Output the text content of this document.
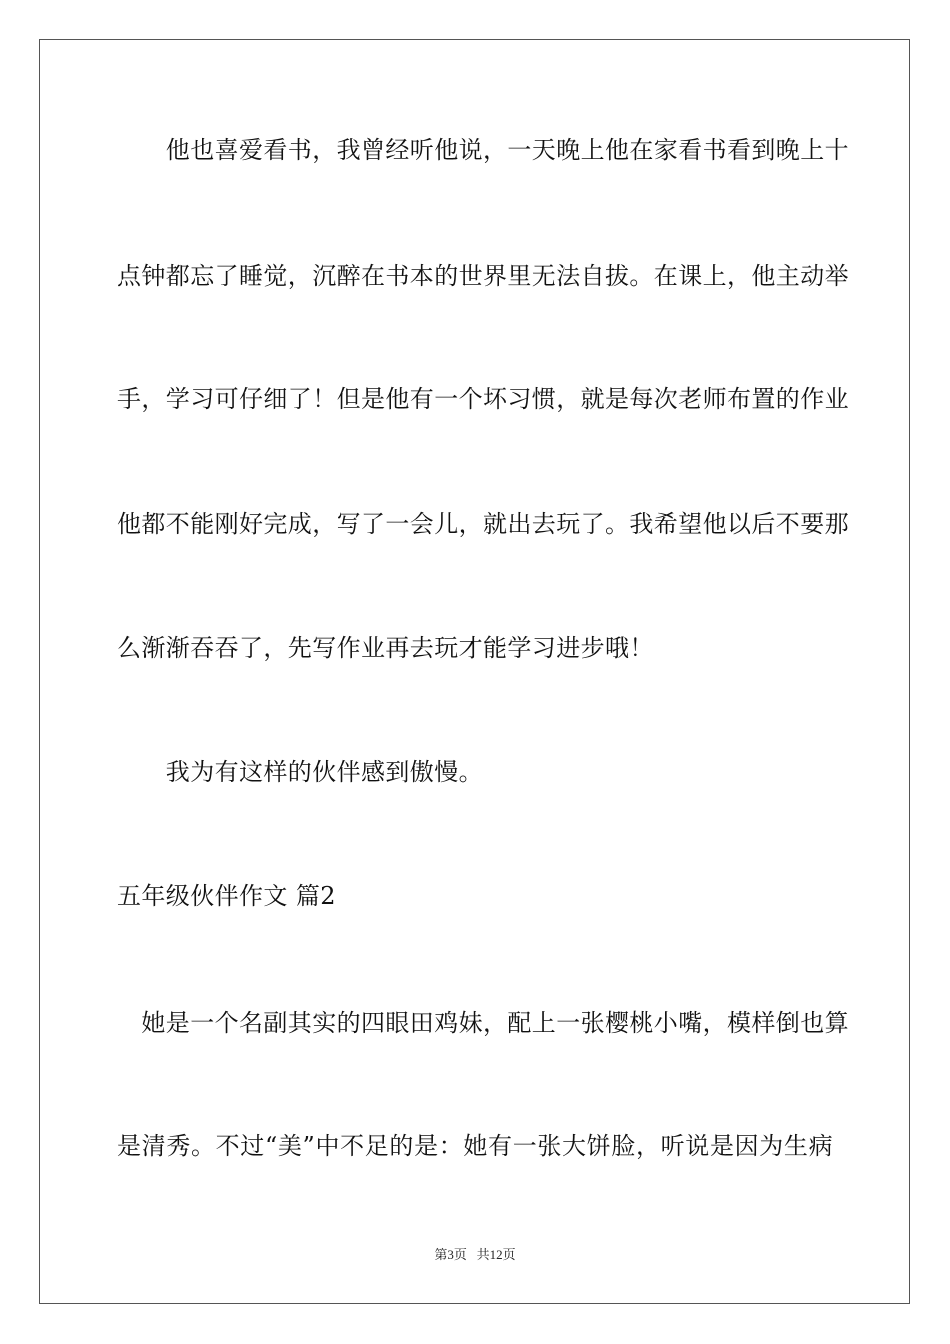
　　他也喜爱看书，我曾经听他说，一天晚上他在家看书看到晚上十
点钟都忘了睡觉，沉醉在书本的世界里无法自拔。在课上，他主动举
手，学习可仔细了！但是他有一个坏习惯，就是每次老师布置的作业
他都不能刚好完成，写了一会儿，就出去玩了。我希望他以后不要那
么渐渐吞吞了，先写作业再去玩才能学习进步哦！
　　我为有这样的伙伴感到傲慢。
五年级伙伴作文 篇2
　她是一个名副其实的四眼田鸡妹，配上一张樱桃小嘴，模样倒也算
是清秀。不过“美”中不足的是：她有一张大饼脸，听说是因为生病
第3页 共12页
